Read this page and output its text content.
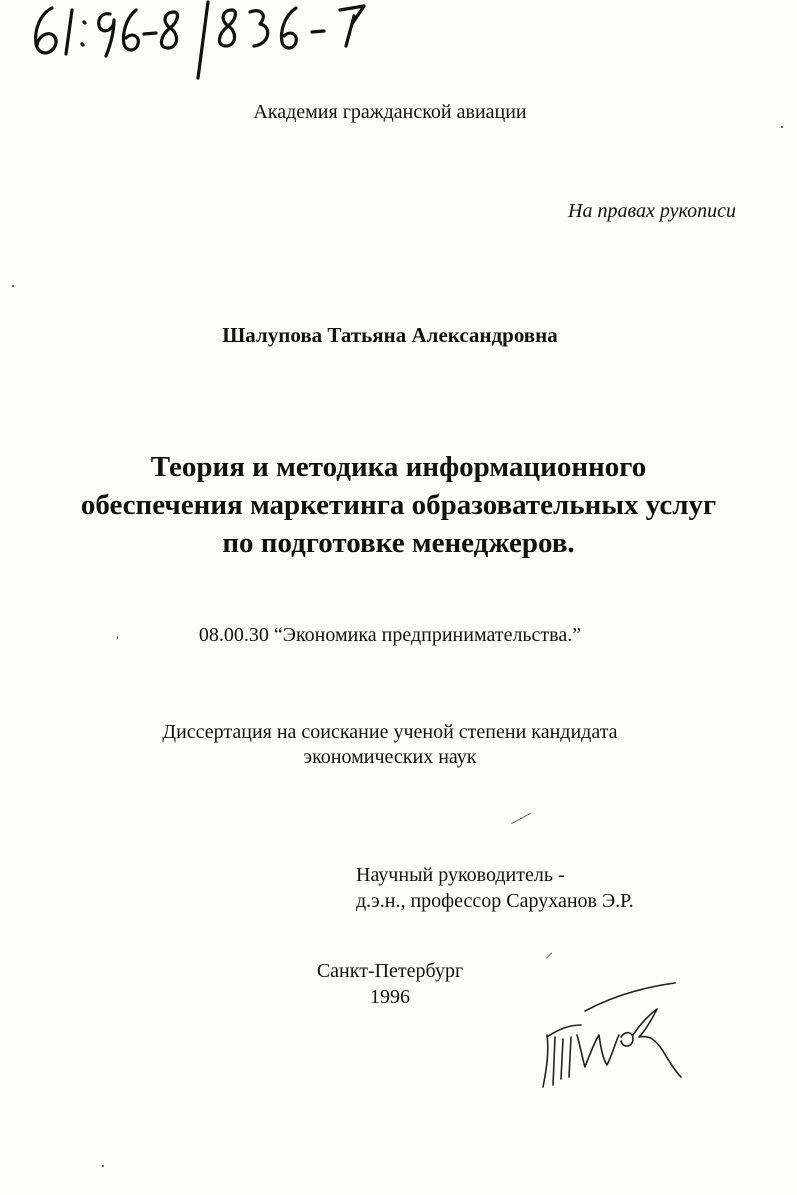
Академия гражданской авиации
На правах рукописи
Шалупова Татьяна Александровна
Теория и методика информационного
обеспечения маркетинга образовательных услуг
по подготовке менеджеров.
08.00.30 “Экономика предпринимательства.”
Диссертация на соискание ученой степени кандидата
экономических наук
Научный руководитель -
д.э.н., профессор Саруханов Э.Р.
Санкт-Петербург
1996
